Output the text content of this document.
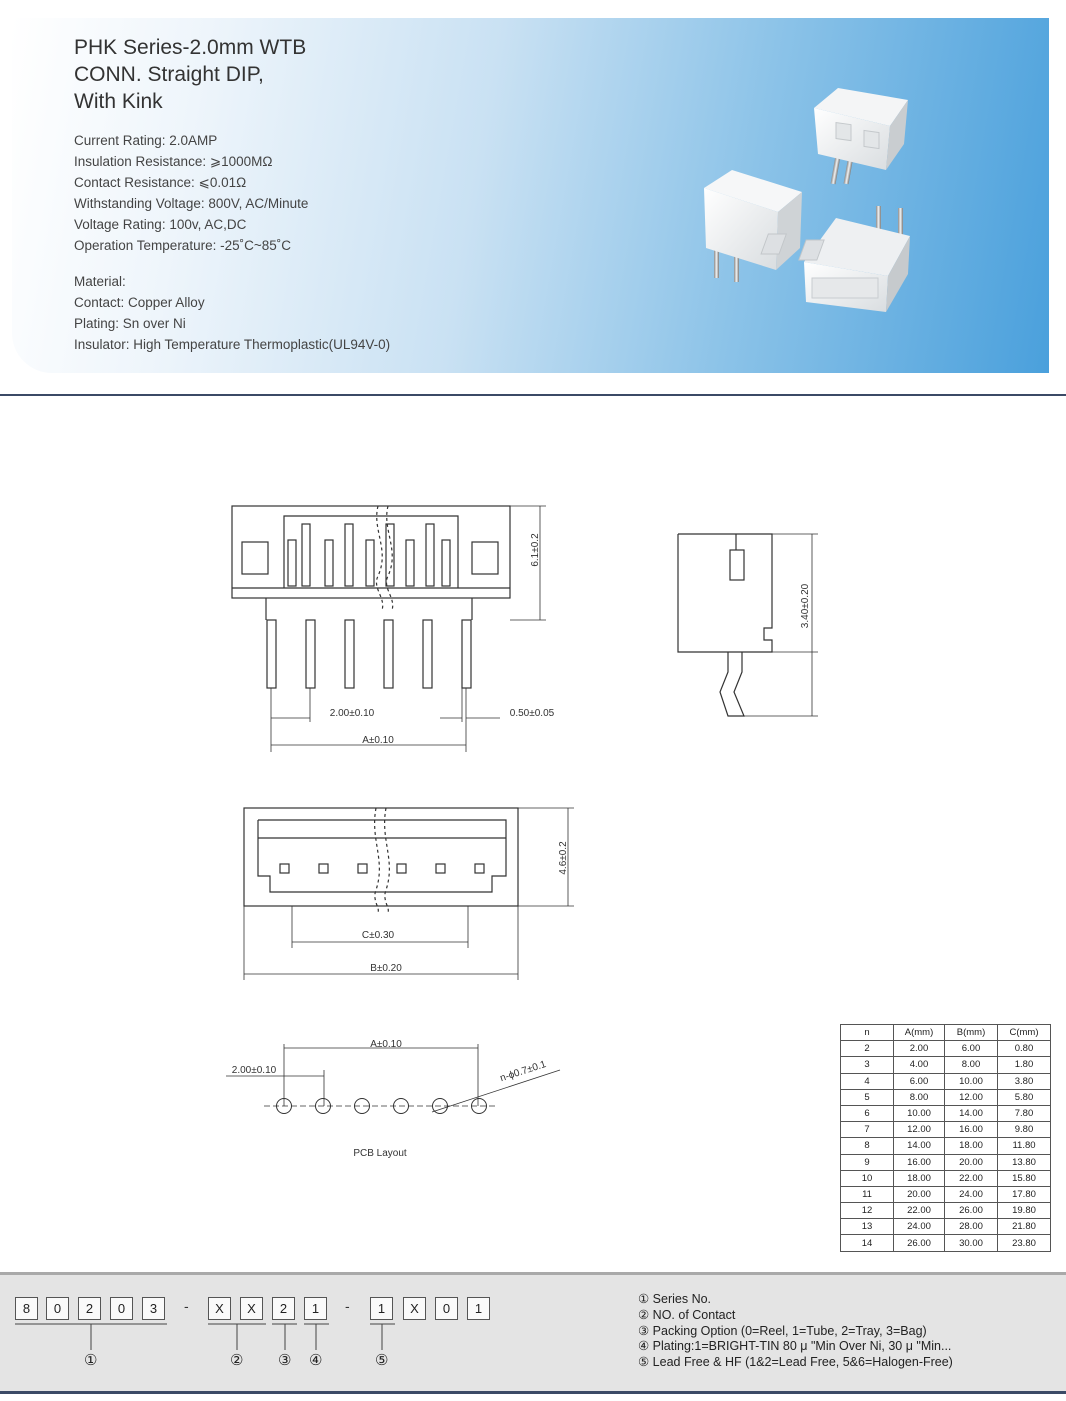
PHK Series-2.0mm WTB
CONN. Straight DIP,
With Kink
Current Rating: 2.0AMP
Insulation Resistance: ⩾1000MΩ
Contact Resistance: ⩽0.01Ω
Withstanding Voltage: 800V, AC/Minute
Voltage Rating: 100v, AC,DC
Operation Temperature: -25˚C~85˚C
Material:
Contact: Copper Alloy
Plating: Sn over Ni
Insulator: High Temperature Thermoplastic(UL94V-0)
6.1±0.2
2.00±0.10	0.50±0.05
A±0.10
3.40±0.20
4.6±0.2
C±0.30
B±0.20
A±0.10
2.00±0.10	n-ϕ0.7±0.1
PCB Layout
n	A(mm)	B(mm)	C(mm)
2	2.00	6.00	0.80
3	4.00	8.00	1.80
4	6.00	10.00	3.80
5	8.00	12.00	5.80
6	10.00	14.00	7.80
7	12.00	16.00	9.80
8	14.00	18.00	11.80
9	16.00	20.00	13.80
10	18.00	22.00	15.80
11	20.00	24.00	17.80
12	22.00	26.00	19.80
13	24.00	28.00	21.80
14	26.00	30.00	23.80
8	0	2	0	3	-	X	X	2	1	-	1	X	0	1
①	② ③ ④	⑤
① Series No.
② NO. of Contact
③ Packing Option (0=Reel, 1=Tube, 2=Tray, 3=Bag)
④ Plating:1=BRIGHT-TIN 80 μ "Min Over Ni, 30 μ "Min...
⑤ Lead Free & HF (1&2=Lead Free, 5&6=Halogen-Free)
